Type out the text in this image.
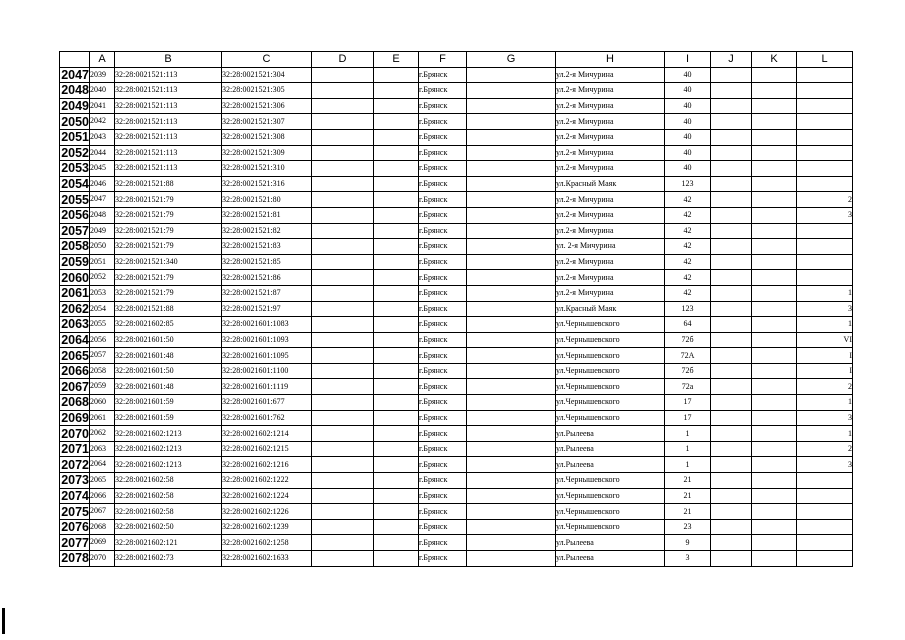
	A	B	C	D	E	F	G	H	I	J	K	L
2047	2039	32:28:0021521:113	32:28:0021521:304			г.Брянск		ул.2-я Мичурина	40			
2048	2040	32:28:0021521:113	32:28:0021521:305			г.Брянск		ул.2-я Мичурина	40			
2049	2041	32:28:0021521:113	32:28:0021521:306			г.Брянск		ул.2-я Мичурина	40			
2050	2042	32:28:0021521:113	32:28:0021521:307			г.Брянск		ул.2-я Мичурина	40			
2051	2043	32:28:0021521:113	32:28:0021521:308			г.Брянск		ул.2-я Мичурина	40			
2052	2044	32:28:0021521:113	32:28:0021521:309			г.Брянск		ул.2-я Мичурина	40			
2053	2045	32:28:0021521:113	32:28:0021521:310			г.Брянск		ул.2-я Мичурина	40			
2054	2046	32:28:0021521:88	32:28:0021521:316			г.Брянск		ул.Красный Маяк	123			
2055	2047	32:28:0021521:79	32:28:0021521:80			г.Брянск		ул.2-я Мичурина	42			2
2056	2048	32:28:0021521:79	32:28:0021521:81			г.Брянск		ул.2-я Мичурина	42			3
2057	2049	32:28:0021521:79	32:28:0021521:82			г.Брянск		ул.2-я Мичурина	42			
2058	2050	32:28:0021521:79	32:28:0021521:83			г.Брянск		ул. 2-я Мичурина	42			
2059	2051	32:28:0021521:340	32:28:0021521:85			г.Брянск		ул.2-я Мичурина	42			
2060	2052	32:28:0021521:79	32:28:0021521:86			г.Брянск		ул.2-я Мичурина	42			
2061	2053	32:28:0021521:79	32:28:0021521:87			г.Брянск		ул.2-я Мичурина	42			1
2062	2054	32:28:0021521:88	32:28:0021521:97			г.Брянск		ул.Красный Маяк	123			3
2063	2055	32:28:0021602:85	32:28:0021601:1083			г.Брянск		ул.Чернышевского	64			1
2064	2056	32:28:0021601:50	32:28:0021601:1093			г.Брянск		ул.Чернышевского	72б			VI
2065	2057	32:28:0021601:48	32:28:0021601:1095			г.Брянск		ул.Чернышевского	72А			I
2066	2058	32:28:0021601:50	32:28:0021601:1100			г.Брянск		ул.Чернышевского	72б			I
2067	2059	32:28:0021601:48	32:28:0021601:1119			г.Брянск		ул.Чернышевского	72а			2
2068	2060	32:28:0021601:59	32:28:0021601:677			г.Брянск		ул.Чернышевского	17			1
2069	2061	32:28:0021601:59	32:28:0021601:762			г.Брянск		ул.Чернышевского	17			3
2070	2062	32:28:0021602:1213	32:28:0021602:1214			г.Брянск		ул.Рылеева	1			1
2071	2063	32:28:0021602:1213	32:28:0021602:1215			г.Брянск		ул.Рылеева	1			2
2072	2064	32:28:0021602:1213	32:28:0021602:1216			г.Брянск		ул.Рылеева	1			3
2073	2065	32:28:0021602:58	32:28:0021602:1222			г.Брянск		ул.Чернышевского	21			
2074	2066	32:28:0021602:58	32:28:0021602:1224			г.Брянск		ул.Чернышевского	21			
2075	2067	32:28:0021602:58	32:28:0021602:1226			г.Брянск		ул.Чернышевского	21			
2076	2068	32:28:0021602:50	32:28:0021602:1239			г.Брянск		ул.Чернышевского	23			
2077	2069	32:28:0021602:121	32:28:0021602:1258			г.Брянск		ул.Рылеева	9			
2078	2070	32:28:0021602:73	32:28:0021602:1633			г.Брянск		ул.Рылеева	3			
